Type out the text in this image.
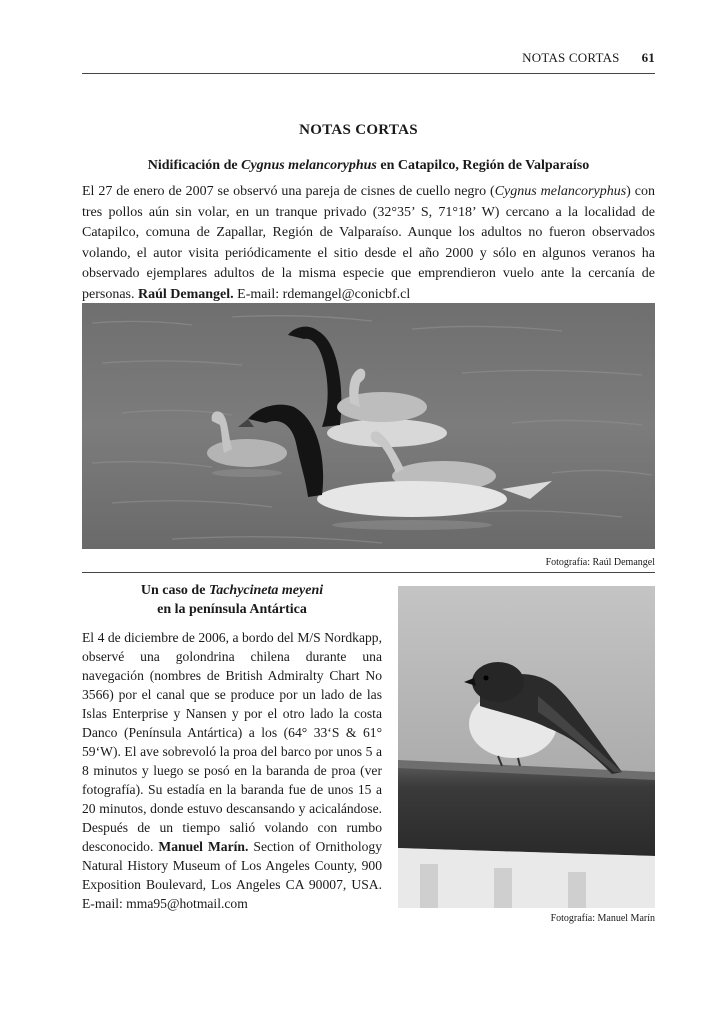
NOTAS CORTAS 61
NOTAS CORTAS
Nidificación de Cygnus melancoryphus en Catapilco, Región de Valparaíso
El 27 de enero de 2007 se observó una pareja de cisnes de cuello negro (Cygnus melancoryphus) con tres pollos aún sin volar, en un tranque privado (32°35’ S, 71°18’ W) cercano a la localidad de Catapilco, comuna de Zapallar, Región de Valparaíso. Aunque los adultos no fueron observados volando, el autor visita periódicamente el sitio desde el año 2000 y sólo en algunos veranos ha observado ejemplares adultos de la misma especie que emprendieron vuelo ante la cercanía de personas. Raúl Demangel. E-mail: rdemangel@conicbf.cl
Fotografía: Raúl Demangel
Un caso de Tachycineta meyeni
en la península Antártica
El 4 de diciembre de 2006, a bordo del M/S Nordkapp, observé una golondrina chilena durante una navegación (nombres de British Admiralty Chart No 3566) por el canal que se produce por un lado de las Islas Enterprise y Nansen y por el otro lado la costa Danco (Península Antártica) a los (64° 33‘S & 61° 59‘W). El ave sobrevoló la proa del barco por unos 5 a 8 minutos y luego se posó en la baranda de proa (ver fotografía). Su estadía en la baranda fue de unos 15 a 20 minutos, donde estuvo descansando y acicalándose. Después de un tiempo salió volando con rumbo desconocido. Manuel Marín. Section of Ornithology Natural History Museum of Los Angeles County, 900 Exposition Boulevard, Los Angeles CA 90007, USA. E-mail: mma95@hotmail.com
Fotografía: Manuel Marín
